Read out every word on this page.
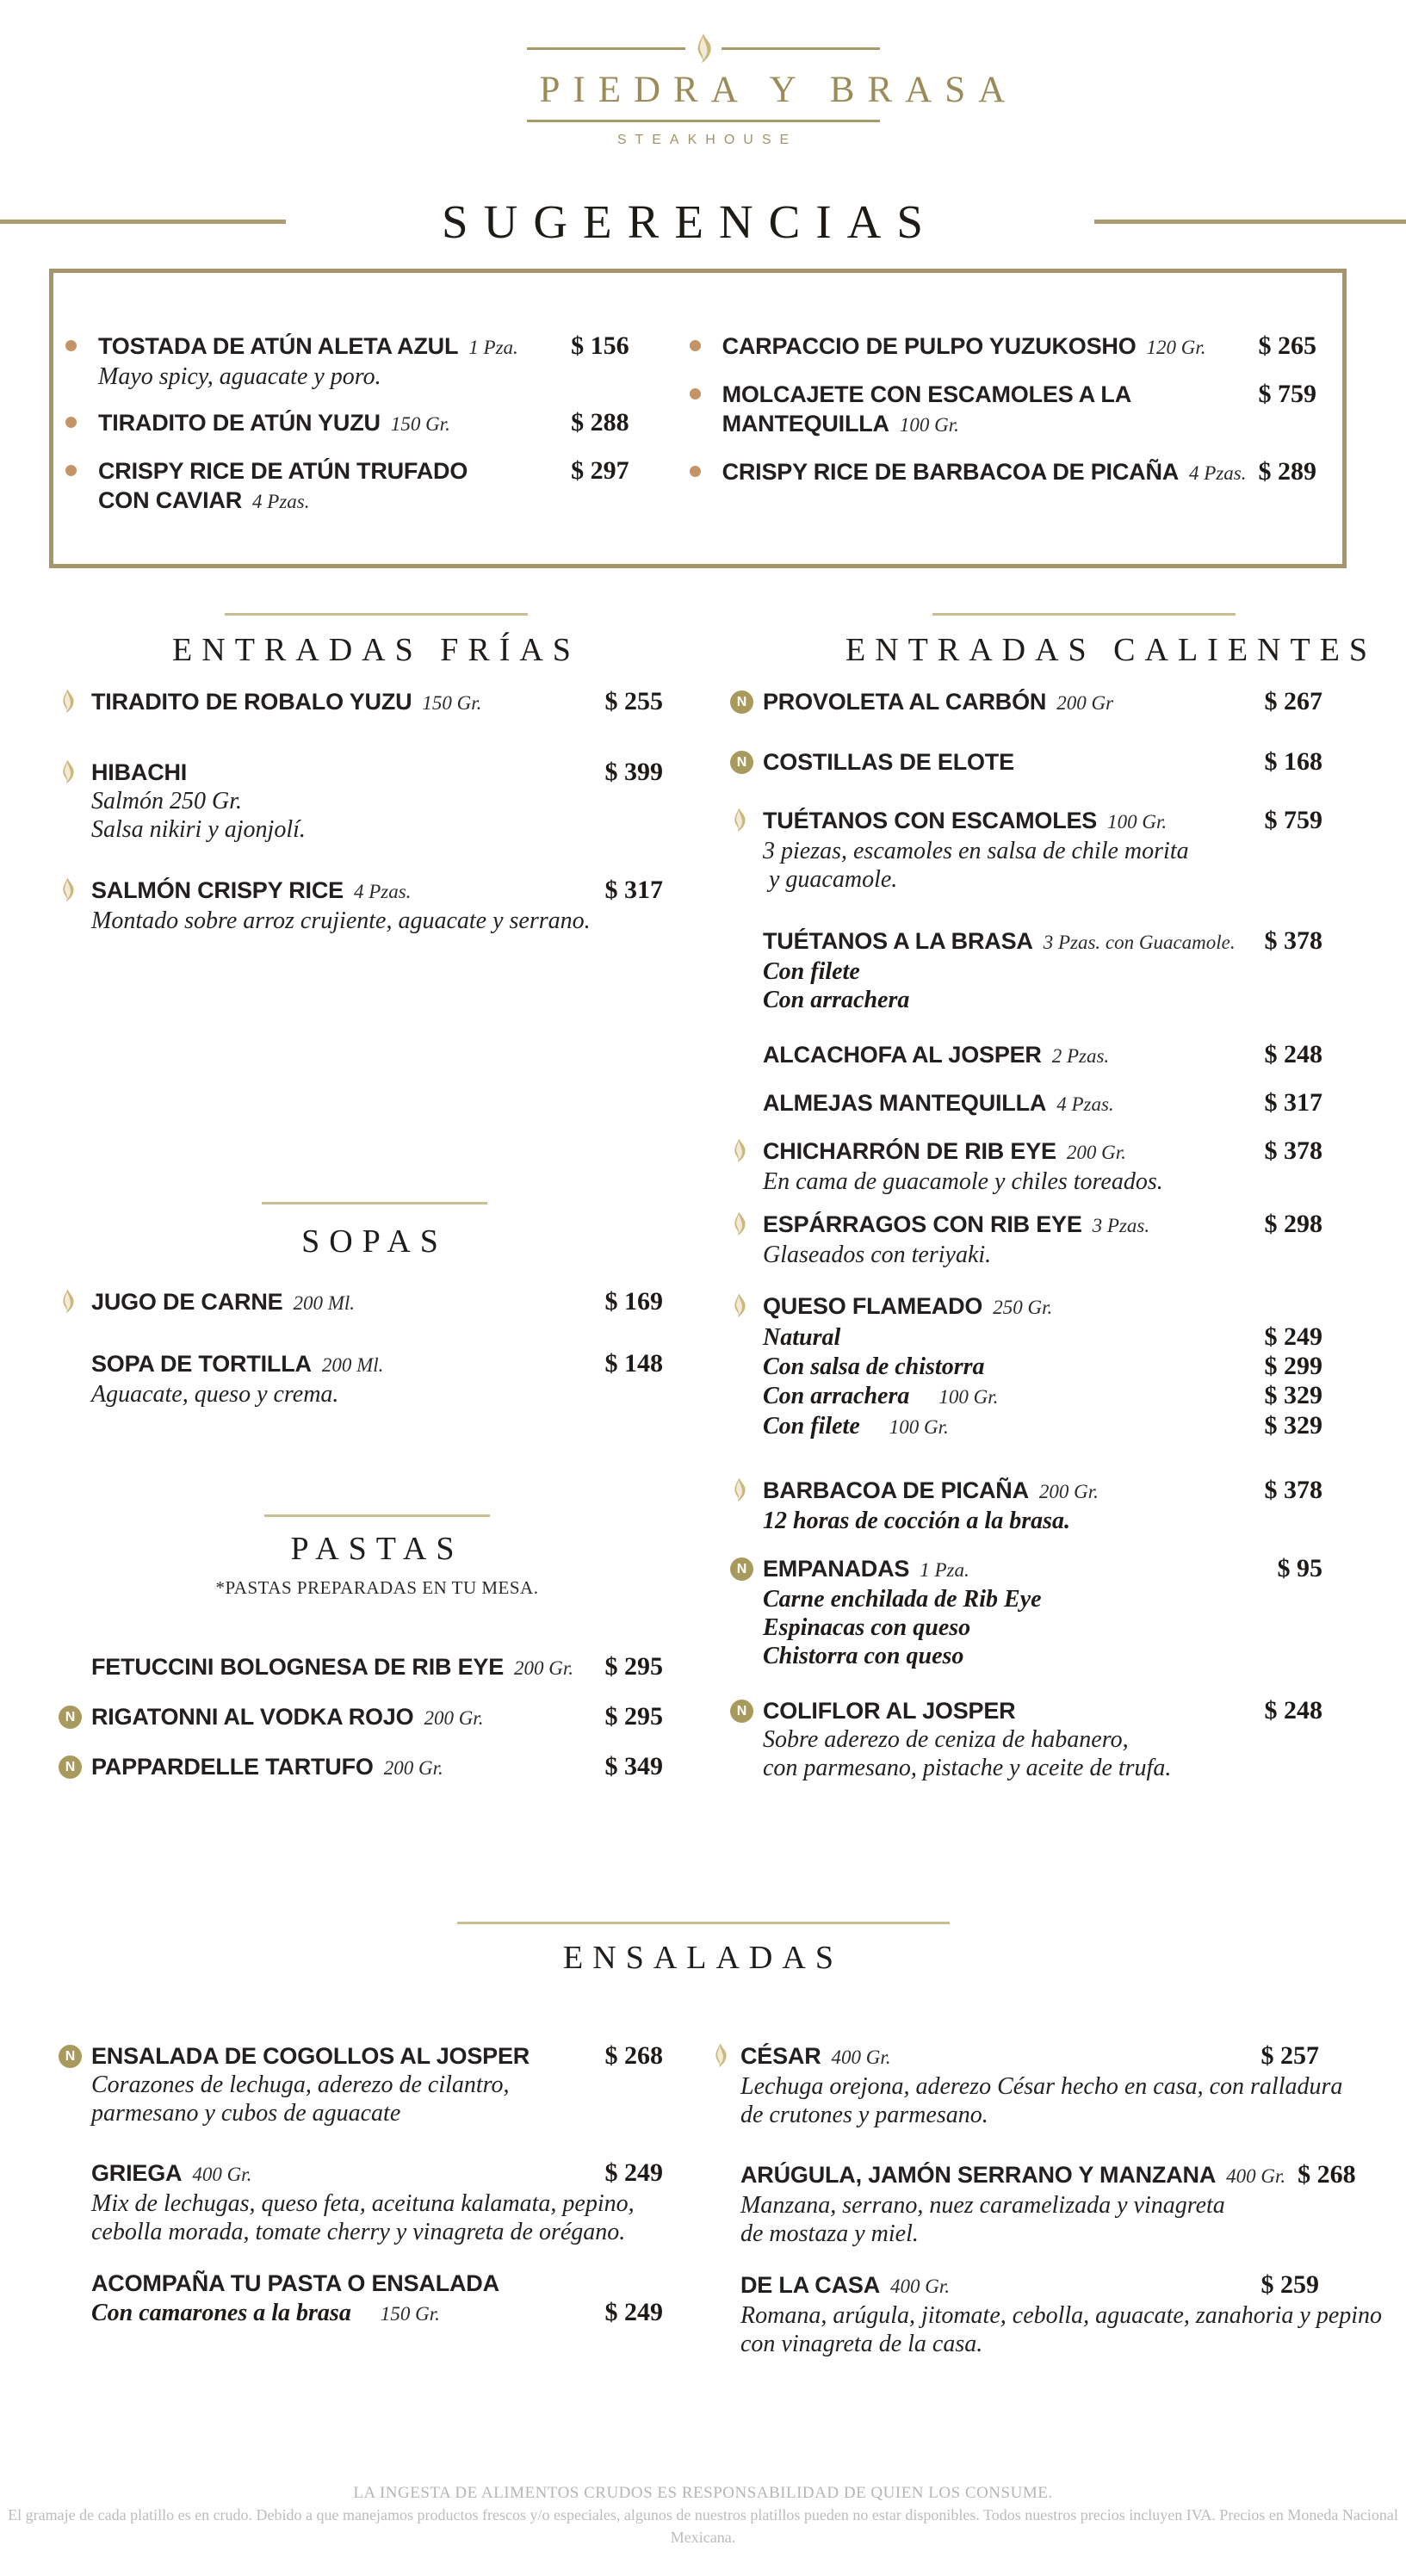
PIEDRA Y BRASA
STEAKHOUSE
SUGERENCIAS
TOSTADA DE ATÚN ALETA AZUL 1 Pza.	$ 156
Mayo spicy, aguacate y poro.
TIRADITO DE ATÚN YUZU 150 Gr.	$ 288
CRISPY RICE DE ATÚN TRUFADO	$ 297
CON CAVIAR 4 Pzas.
CARPACCIO DE PULPO YUZUKOSHO 120 Gr.	$ 265
MOLCAJETE CON ESCAMOLES A LA	$ 759
MANTEQUILLA 100 Gr.
CRISPY RICE DE BARBACOA DE PICAÑA 4 Pzas. $ 289
ENTRADAS FRÍAS
TIRADITO DE ROBALO YUZU 150 Gr.	$ 255
HIBACHI	$ 399
Salmón 250 Gr.
Salsa nikiri y ajonjolí.
SALMÓN CRISPY RICE 4 Pzas.	$ 317
Montado sobre arroz crujiente, aguacate y serrano.
ENTRADAS CALIENTES
N PROVOLETA AL CARBÓN 200 Gr	$ 267
N COSTILLAS DE ELOTE	$ 168
TUÉTANOS CON ESCAMOLES 100 Gr.	$ 759
3 piezas, escamoles en salsa de chile morita
y guacamole.
TUÉTANOS A LA BRASA 3 Pzas. con Guacamole.	$ 378
Con filete
Con arrachera
ALCACHOFA AL JOSPER 2 Pzas.	$ 248
ALMEJAS MANTEQUILLA 4 Pzas.	$ 317
CHICHARRÓN DE RIB EYE 200 Gr.	$ 378
En cama de guacamole y chiles toreados.
ESPÁRRAGOS CON RIB EYE 3 Pzas.	$ 298
Glaseados con teriyaki.
QUESO FLAMEADO 250 Gr.
Natural	$ 249
Con salsa de chistorra	$ 299
Con arrachera 100 Gr.	$ 329
Con filete 100 Gr.	$ 329
BARBACOA DE PICAÑA 200 Gr.	$ 378
12 horas de cocción a la brasa.
N EMPANADAS 1 Pza.	$ 95
Carne enchilada de Rib Eye
Espinacas con queso
Chistorra con queso
N COLIFLOR AL JOSPER	$ 248
Sobre aderezo de ceniza de habanero,
con parmesano, pistache y aceite de trufa.
SOPAS
JUGO DE CARNE 200 Ml.	$ 169
SOPA DE TORTILLA 200 Ml.	$ 148
Aguacate, queso y crema.
PASTAS
*PASTAS PREPARADAS EN TU MESA.
FETUCCINI BOLOGNESA DE RIB EYE 200 Gr.	$ 295
N RIGATONNI AL VODKA ROJO 200 Gr.	$ 295
N PAPPARDELLE TARTUFO 200 Gr.	$ 349
ENSALADAS
N ENSALADA DE COGOLLOS AL JOSPER	$ 268
Corazones de lechuga, aderezo de cilantro,
parmesano y cubos de aguacate
GRIEGA 400 Gr.	$ 249
Mix de lechugas, queso feta, aceituna kalamata, pepino,
cebolla morada, tomate cherry y vinagreta de orégano.
ACOMPAÑA TU PASTA O ENSALADA
Con camarones a la brasa 150 Gr.	$ 249
CÉSAR 400 Gr.	$ 257
Lechuga orejona, aderezo César hecho en casa, con ralladura
de crutones y parmesano.
ARÚGULA, JAMÓN SERRANO Y MANZANA 400 Gr. $ 268
Manzana, serrano, nuez caramelizada y vinagreta
de mostaza y miel.
DE LA CASA 400 Gr.	$ 259
Romana, arúgula, jitomate, cebolla, aguacate, zanahoria y pepino
con vinagreta de la casa.
LA INGESTA DE ALIMENTOS CRUDOS ES RESPONSABILIDAD DE QUIEN LOS CONSUME.
El gramaje de cada platillo es en crudo. Debido a que manejamos productos frescos y/o especiales, algunos de nuestros platillos pueden no estar disponibles. Todos nuestros precios incluyen IVA. Precios en Moneda Nacional Mexicana.
